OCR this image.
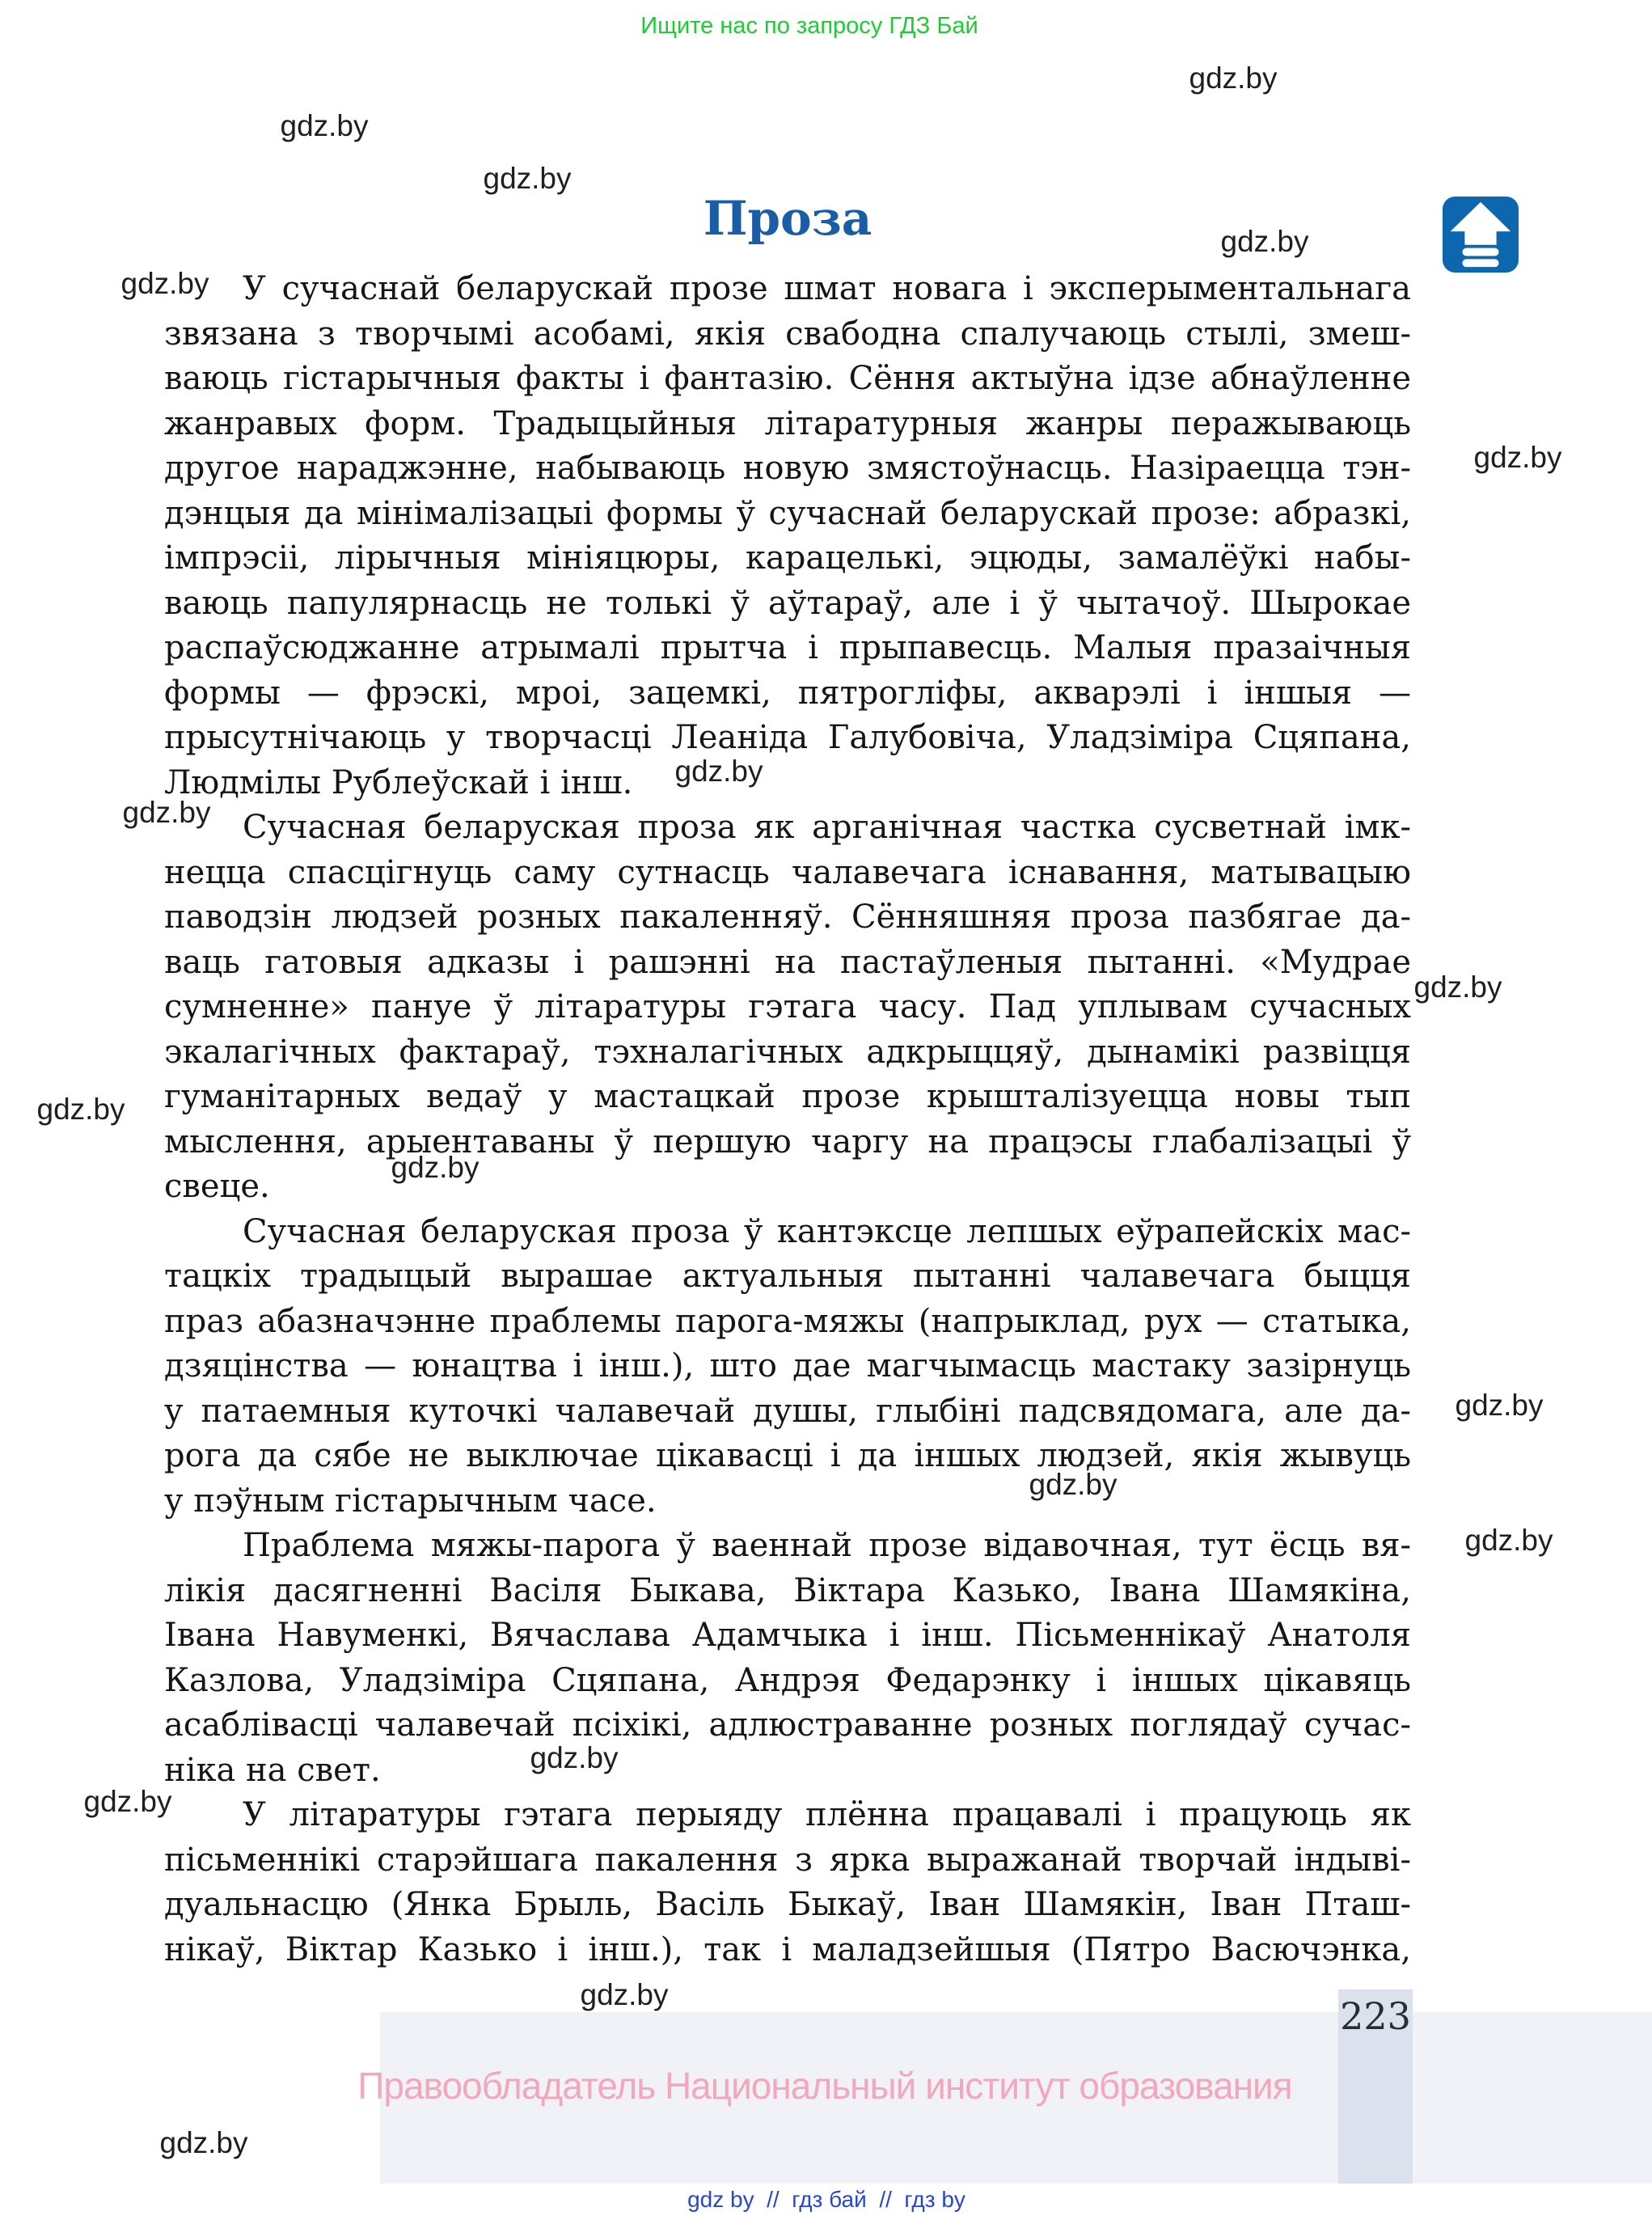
Ищите нас по запросу ГДЗ Бай
Проза
У сучаснай беларускай прозе шмат новага і эксперыментальнага
звязана з творчымі асобамі, якія свабодна спалучаюць стылі, змеш-
ваюць гістарычныя факты і фантазію. Сёння актыўна ідзе абнаўленне
жанравых форм. Традыцыйныя літаратурныя жанры перажываюць
другое нараджэнне, набываюць новую змястоўнасць. Назіраецца тэн-
дэнцыя да мінімалізацыі формы ў сучаснай беларускай прозе: абразкі,
імпрэсіі, лірычныя мініяцюры, карацелькі, эцюды, замалёўкі набы-
ваюць папулярнасць не толькі ў аўтараў, але і ў чытачоў. Шырокае
распаўсюджанне атрымалі прытча і прыпавесць. Малыя празаічныя
формы — фрэскі, мроі, зацемкі, пятрогліфы, акварэлі і іншыя —
прысутнічаюць у творчасці Леаніда Галубовіча, Уладзіміра Сцяпана,
Людмілы Рублеўскай і інш.
Сучасная беларуская проза як арганічная частка сусветнай імк-
нецца спасцігнуць саму сутнасць чалавечага існавання, матывацыю
паводзін людзей розных пакаленняў. Сённяшняя проза пазбягае да-
ваць гатовыя адказы і рашэнні на пастаўленыя пытанні. «Мудрае
сумненне» пануе ў літаратуры гэтага часу. Пад уплывам сучасных
экалагічных фактараў, тэхналагічных адкрыццяў, дынамікі развіцця
гуманітарных ведаў у мастацкай прозе крышталізуецца новы тып
мыслення, арыентаваны ў першую чаргу на працэсы глабалізацыі ў
свеце.
Сучасная беларуская проза ў кантэксце лепшых еўрапейскіх мас-
тацкіх традыцый вырашае актуальныя пытанні чалавечага быцця
праз абазначэнне праблемы парога-мяжы (напрыклад, рух — статыка,
дзяцінства — юнацтва і інш.), што дае магчымасць мастаку зазірнуць
у патаемныя куточкі чалавечай душы, глыбіні падсвядомага, але да-
рога да сябе не выключае цікавасці і да іншых людзей, якія жывуць
у пэўным гістарычным часе.
Праблема мяжы-парога ў ваеннай прозе відавочная, тут ёсць вя-
лікія дасягненні Васіля Быкава, Віктара Казько, Івана Шамякіна,
Івана Навуменкі, Вячаслава Адамчыка і інш. Пісьменнікаў Анатоля
Казлова, Уладзіміра Сцяпана, Андрэя Федарэнку і іншых цікавяць
асаблівасці чалавечай псіхікі, адлюстраванне розных поглядаў сучас-
ніка на свет.
У літаратуры гэтага перыяду плённа працавалі і працуюць як
пісьменнікі старэйшага пакалення з ярка выражанай творчай індыві-
дуальнасцю (Янка Брыль, Васіль Быкаў, Іван Шамякін, Іван Пташ-
нікаў, Віктар Казько і інш.), так і маладзейшыя (Пятро Васючэнка,
gdz.by
gdz.by
gdz.by
gdz.by
gdz.by
gdz.by
gdz.by
gdz.by
gdz.by
gdz.by
gdz.by
gdz.by
gdz.by
gdz.by
gdz.by
gdz.by
gdz.by
gdz.by
223
Правообладатель Национальный институт образования
gdz by  //  гдз бай  //  гдз by
